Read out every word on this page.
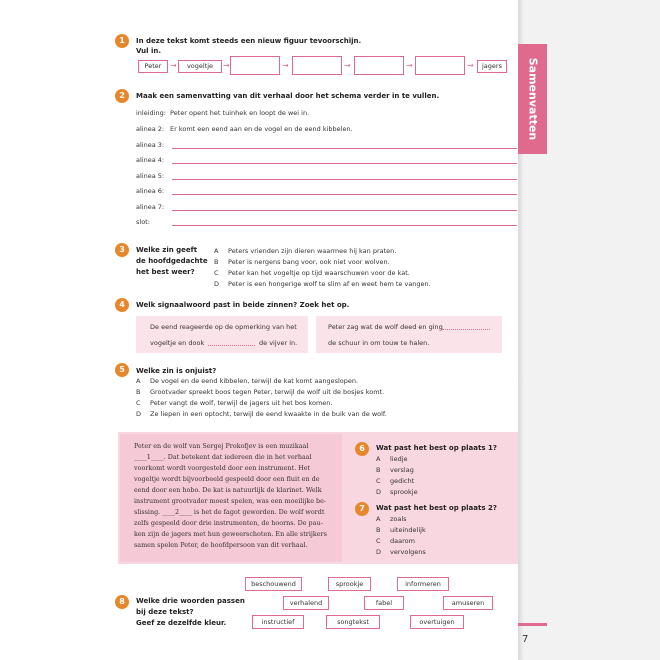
Samenvatten
7
1	In deze tekst komt steeds een nieuw figuur tevoorschijn.
Vul in.
Peter	→	vogeltje	→	→	→	→	→	jagers
2	Maak een samenvatting van dit verhaal door het schema verder in te vullen.
inleiding: Peter opent het tuinhek en loopt de wei in.
alinea 2: Er komt een eend aan en de vogel en de eend kibbelen.
alinea 3:
alinea 4:
alinea 5:
alinea 6:
alinea 7:
slot:
3	Welke zin geeft
de hoofdgedachte
het best weer?
A Peters vrienden zijn dieren waarmee hij kan praten.
B Peter is nergens bang voor, ook niet voor wolven.
C Peter kan het vogeltje op tijd waarschuwen voor de kat.
D Peter is een hongerige wolf te slim af en weet hem te vangen.
4	Welk signaalwoord past in beide zinnen? Zoek het op.
De eend reageerde op de opmerking van het
vogeltje en dook	de vijver in.
Peter zag wat de wolf deed en ging
de schuur in om touw te halen.
5	Welke zin is onjuist?
A De vogel en de eend kibbelen, terwijl de kat komt aangeslopen.
B Grootvader spreekt boos tegen Peter, terwijl de wolf uit de bosjes komt.
C Peter vangt de wolf, terwijl de jagers uit het bos komen.
D Ze liepen in een optocht, terwijl de eend kwaakte in de buik van de wolf.
Peter en de wolf van Sergej Prokofjev is een muzikaal
____1____. Dat betekent dat iedereen die in het verhaal
voorkomt wordt voorgesteld door een instrument. Het
vogeltje wordt bijvoorbeeld gespeeld door een fluit en de
eend door een hobo. De kat is natuurlijk de klarinet. Welk
instrument grootvader moest spelen, was een moeilijke be-
slissing. ____2____ is het de fagot geworden. De wolf wordt
zelfs gespeeld door drie instrumenten, de hoorns. De pau-
ken zijn de jagers met hun geweerschoten. En alle strijkers
samen spelen Peter, de hoofdpersoon van dit verhaal.
6	Wat past het best op plaats 1?
A liedje
B verslag
C gedicht
D sprookje
7	Wat past het best op plaats 2?
A zoals
B uiteindelijk
C daarom
D vervolgens
8	Welke drie woorden passen
bij deze tekst?
Geef ze dezelfde kleur.
beschouwend	sprookje	informeren
verhalend	fabel	amuseren
instructief	songtekst	overtuigen
